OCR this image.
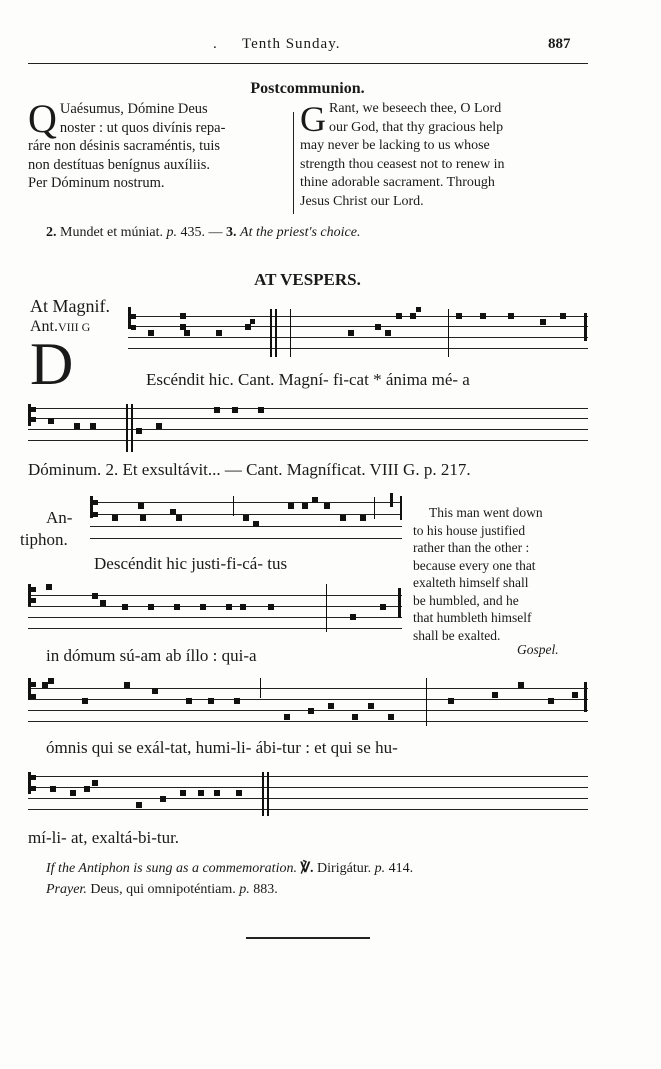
. Tenth Sunday.	887
Postcommunion.
Q Uaésumus, Dómine Deus
noster : ut quos divínis repa-
ráre non désinis sacraméntis, tuis
non destítuas benígnus auxíliis.
Per Dóminum nostrum.
G Rant, we beseech thee, O Lord
our God, that thy gracious help
may never be lacking to us whose
strength thou ceasest not to renew in
thine adorable sacrament. Through
Jesus Christ our Lord.
2. Mundet et múniat. p. 435. — 3. At the priest's choice.
AT VESPERS.
At Magnif.
Ant.VIII G
D	Escéndit hic. Cant. Magní- fi-cat * ánima mé- a
Dóminum. 2. Et exsultávit... — Cant. Magníficat. VIII G. p. 217.
An-
tiphon.
Descéndit hic justi-fi-cá- tus
in dómum sú-am ab íllo : qui-a
This man went down
to his house justified
rather than the other :
because every one that
exalteth himself shall
be humbled, and he
that humbleth himself
shall be exalted.
Gospel.
ómnis qui se exál-tat, humi-li- ábi-tur : et qui se hu-
mí-li- at, exaltá-bi-tur.
If the Antiphon is sung as a commemoration. ℣. Dirigátur. p. 414.
Prayer. Deus, qui omnipoténtiam. p. 883.
